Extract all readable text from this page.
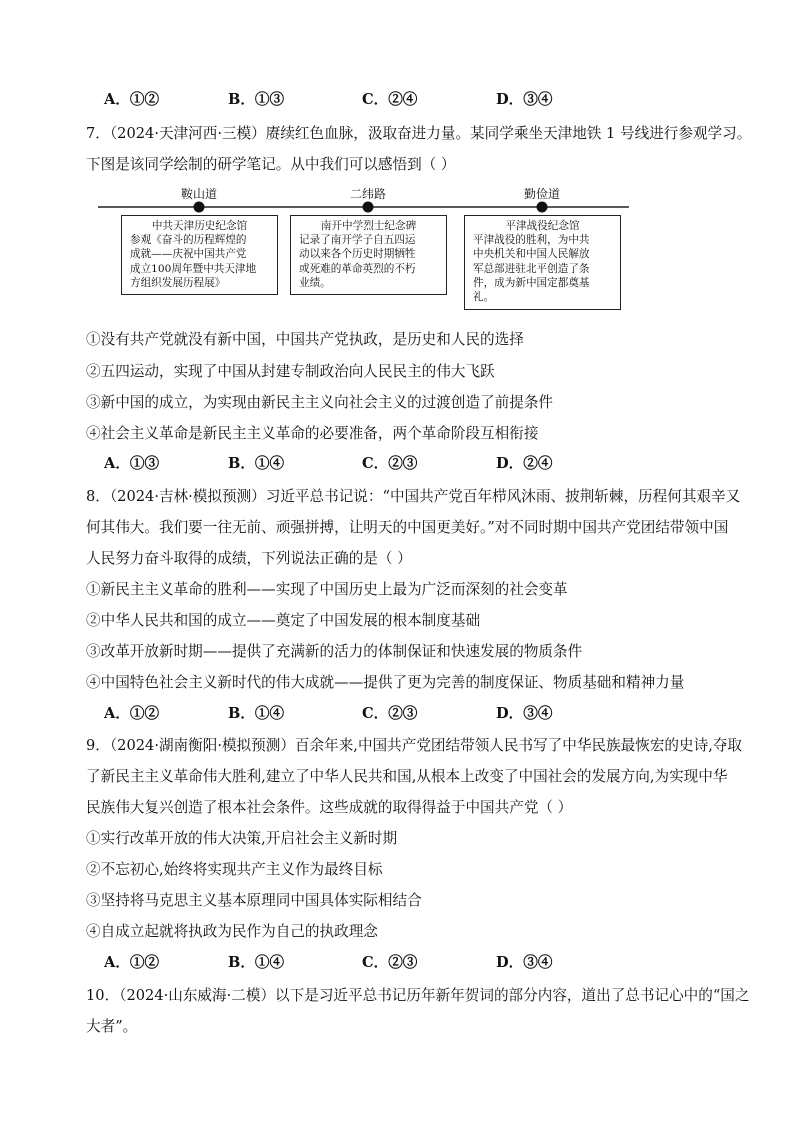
A．①②	B．①③	C．②④	D．③④
7．（2024·天津河西·三模）赓续红色血脉，汲取奋进力量。某同学乘坐天津地铁 1 号线进行参观学习。
下图是该同学绘制的研学笔记。从中我们可以感悟到（ ）
鞍山道	二纬路	勤俭道
中共天津历史纪念馆
参观《奋斗的历程辉煌的
成就——庆祝中国共产党
成立100周年暨中共天津地
方组织发展历程展》
南开中学烈士纪念碑
记录了南开学子自五四运
动以来各个历史时期牺牲
或死难的革命英烈的不朽
业绩。
平津战役纪念馆
平津战役的胜利，为中共
中央机关和中国人民解放
军总部进驻北平创造了条
件，成为新中国定都奠基
礼。
①没有共产党就没有新中国，中国共产党执政，是历史和人民的选择
②五四运动，实现了中国从封建专制政治向人民民主的伟大飞跃
③新中国的成立，为实现由新民主主义向社会主义的过渡创造了前提条件
④社会主义革命是新民主主义革命的必要准备，两个革命阶段互相衔接
A．①③	B．①④	C．②③	D．②④
8．（2024·吉林·模拟预测）习近平总书记说：“中国共产党百年栉风沐雨、披荆斩棘，历程何其艰辛又
何其伟大。我们要一往无前、顽强拼搏，让明天的中国更美好。”对不同时期中国共产党团结带领中国
人民努力奋斗取得的成绩，下列说法正确的是（ ）
①新民主主义革命的胜利——实现了中国历史上最为广泛而深刻的社会变革
②中华人民共和国的成立——奠定了中国发展的根本制度基础
③改革开放新时期——提供了充满新的活力的体制保证和快速发展的物质条件
④中国特色社会主义新时代的伟大成就——提供了更为完善的制度保证、物质基础和精神力量
A．①②	B．①④	C．②③	D．③④
9．（2024·湖南衡阳·模拟预测）百余年来,中国共产党团结带领人民书写了中华民族最恢宏的史诗,夺取
了新民主主义革命伟大胜利,建立了中华人民共和国,从根本上改变了中国社会的发展方向,为实现中华
民族伟大复兴创造了根本社会条件。这些成就的取得得益于中国共产党（ ）
①实行改革开放的伟大决策,开启社会主义新时期
②不忘初心,始终将实现共产主义作为最终目标
③坚持将马克思主义基本原理同中国具体实际相结合
④自成立起就将执政为民作为自己的执政理念
A．①②	B．①④	C．②③	D．③④
10．（2024·山东威海·二模）以下是习近平总书记历年新年贺词的部分内容，道出了总书记心中的“国之
大者”。
